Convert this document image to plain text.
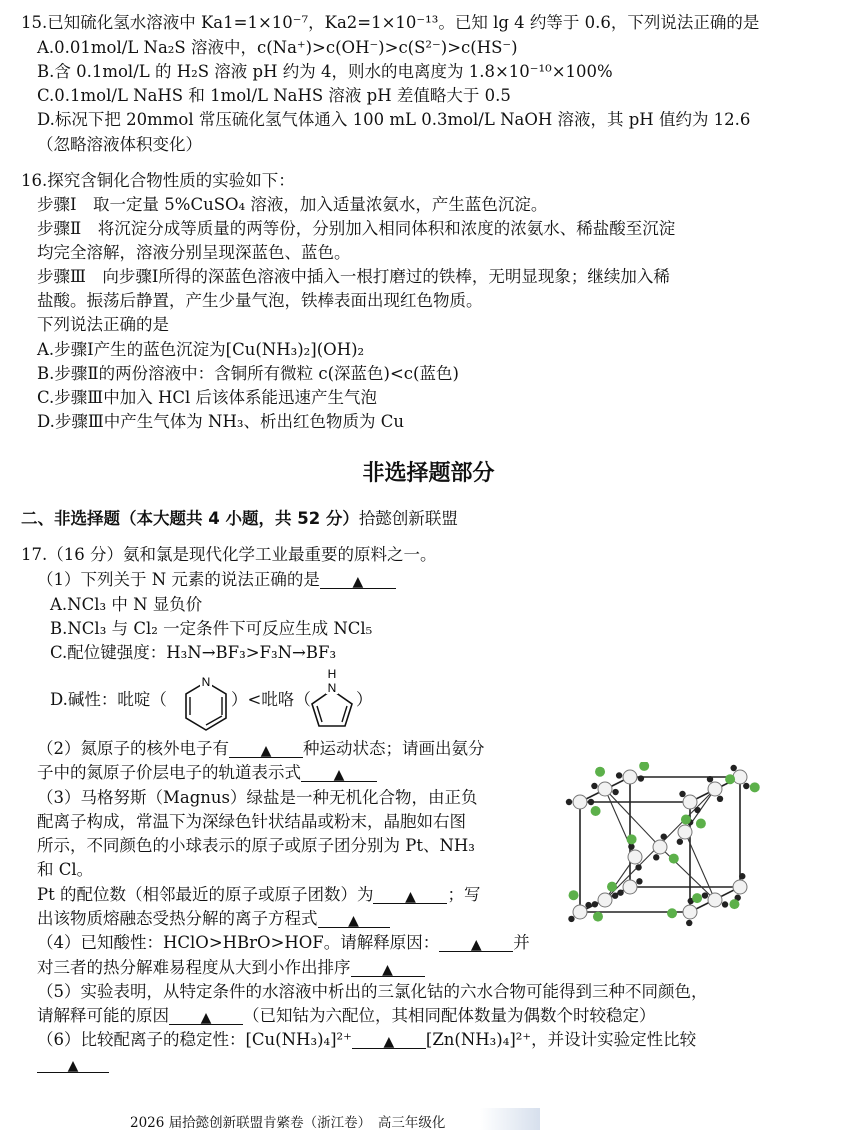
15.已知硫化氢水溶液中 Ka1=1×10⁻⁷，Ka2=1×10⁻¹³。已知 lg 4 约等于 0.6，下列说法正确的是
A.0.01mol/L Na₂S 溶液中，c(Na⁺)>c(OH⁻)>c(S²⁻)>c(HS⁻)
B.含 0.1mol/L 的 H₂S 溶液 pH 约为 4，则水的电离度为 1.8×10⁻¹⁰×100%
C.0.1mol/L NaHS 和 1mol/L NaHS 溶液 pH 差值略大于 0.5
D.标况下把 20mmol 常压硫化氢气体通入 100 mL 0.3mol/L NaOH 溶液，其 pH 值约为 12.6
（忽略溶液体积变化）
16.探究含铜化合物性质的实验如下：
步骤Ⅰ　取一定量 5%CuSO₄ 溶液，加入适量浓氨水，产生蓝色沉淀。
步骤Ⅱ　将沉淀分成等质量的两等份，分别加入相同体积和浓度的浓氨水、稀盐酸至沉淀
均完全溶解，溶液分别呈现深蓝色、蓝色。
步骤Ⅲ　向步骤Ⅰ所得的深蓝色溶液中插入一根打磨过的铁棒，无明显现象；继续加入稀
盐酸。振荡后静置，产生少量气泡，铁棒表面出现红色物质。
下列说法正确的是
A.步骤Ⅰ产生的蓝色沉淀为[Cu(NH₃)₂](OH)₂
B.步骤Ⅱ的两份溶液中：含铜所有微粒 c(深蓝色)<c(蓝色)
C.步骤Ⅲ中加入 HCl 后该体系能迅速产生气泡
D.步骤Ⅲ中产生气体为 NH₃、析出红色物质为 Cu
非选择题部分
二、非选择题（本大题共 4 小题，共 52 分）拾懿创新联盟
17.（16 分）氨和氯是现代化学工业最重要的原料之一。
（1）下列关于 N 元素的说法正确的是 ▲
A.NCl₃ 中 N 显负价
B.NCl₃ 与 Cl₂ 一定条件下可反应生成 NCl₅
C.配位键强度：H₃N→BF₃>F₃N→BF₃
D.碱性：吡啶（
N
）<吡咯（
N
H
）
（2）氮原子的核外电子有 ▲ 种运动状态；请画出氨分
子中的氮原子价层电子的轨道表示式 ▲
（3）马格努斯（Magnus）绿盐是一种无机化合物，由正负
配离子构成，常温下为深绿色针状结晶或粉末，晶胞如右图
所示，不同颜色的小球表示的原子或原子团分别为 Pt、NH₃
和 Cl。
Pt 的配位数（相邻最近的原子或原子团数）为 ▲ ；写
出该物质熔融态受热分解的离子方程式 ▲
（4）已知酸性：HClO>HBrO>HOF。请解释原因： ▲ 并
对三者的热分解难易程度从大到小作出排序 ▲
（5）实验表明，从特定条件的水溶液中析出的三氯化钴的六水合物可能得到三种不同颜色，
请解释可能的原因 ▲ （已知钴为六配位，其相同配体数量为偶数个时较稳定）
（6）比较配离子的稳定性：[Cu(NH₃)₄]²⁺ ▲ [Zn(NH₃)₄]²⁺，并设计实验定性比较
▲
2026 届拾懿创新联盟肯綮卷（浙江卷）　高三年级化
